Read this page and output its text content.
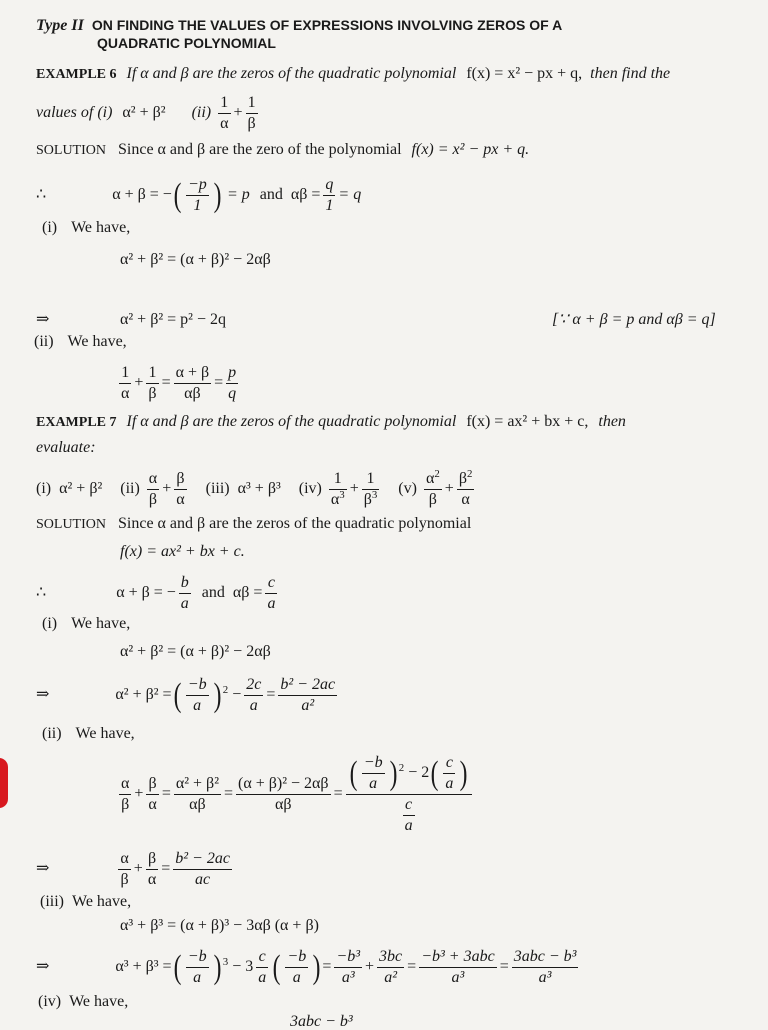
Type II ON FINDING THE VALUES OF EXPRESSIONS INVOLVING ZEROS OF A
QUADRATIC POLYNOMIAL
EXAMPLE 6 If α and β are the zeros of the quadratic polynomial f(x) = x² − px + q, then find the
values of (i) α² + β² $(ii) \frac{1}{\alpha} + \frac{1}{\beta}$
SOLUTION Since α and β are the zero of the polynomial f(x) = x² − px + q.
∴	α + β = −( $\frac{-p}{1}$ ) = p and $\alpha\beta = \frac{q}{1} = q$
(i) We have,
α² + β² = (α + β)² − 2αβ
⇒	α² + β² = p² − 2q	[∵ α + β = p and αβ = q]
(ii) We have,
$\frac{1}{\alpha} + \frac{1}{\beta} = \frac{\alpha + \beta}{\alpha\beta} = \frac{p}{q}$
EXAMPLE 7 If α and β are the zeros of the quadratic polynomial f(x) = ax² + bx + c, then
evaluate:
(i) α² + β² $(ii) \frac{\alpha}{\beta} + \frac{\beta}{\alpha} (iii) \alpha^3 + \beta^3$ $(iv) \frac{1}{\alpha^3} + \frac{1}{\beta^3} (v) \frac{\alpha^2}{\beta} + \frac{\beta^2}{\alpha}$
SOLUTION Since α and β are the zeros of the quadratic polynomial
f(x) = ax² + bx + c.
∴	α + β = − $\frac{b}{a}$ and $\alpha\beta = \frac{c}{a}$
(i) We have,
α² + β² = (α + β)² − 2αβ
⇒	α² + β² =( $\frac{-b}{a}$ ) $^2 - \frac{2c}{a} = \frac{\text{b² − 2ac}}{\text{a²}}$
(ii) We have,
$\frac{\alpha}{\beta} + \frac{\beta}{\alpha} = \frac{\text{α² + β²}}{\alpha\beta} = \frac{\text{(α + β)² − 2αβ}}{\alpha\beta} = \frac{( \frac{-b}{a} ) ^2 - 2( \frac{c}{a} )}{\frac{c}{a}}$
⇒	$\frac{\alpha}{\beta} + \frac{\beta}{\alpha} = \frac{\text{b² − 2ac}}{ac}$
(iii) We have,
α³ + β³ = (α + β)³ − 3αβ (α + β)
⇒	α³ + β³ =( $\frac{-b}{a}$ ) $^3 - 3 \frac{c}{a}$ ( $\frac{-b}{a}$ ) = $\frac{\text{−b³}}{\text{a³}} + \frac{3bc}{\text{a²}} = \frac{\text{−b³ + 3abc}}{\text{a³}} = \frac{\text{3abc − b³}}{\text{a³}}$
(iv) We have,
3abc − b³
